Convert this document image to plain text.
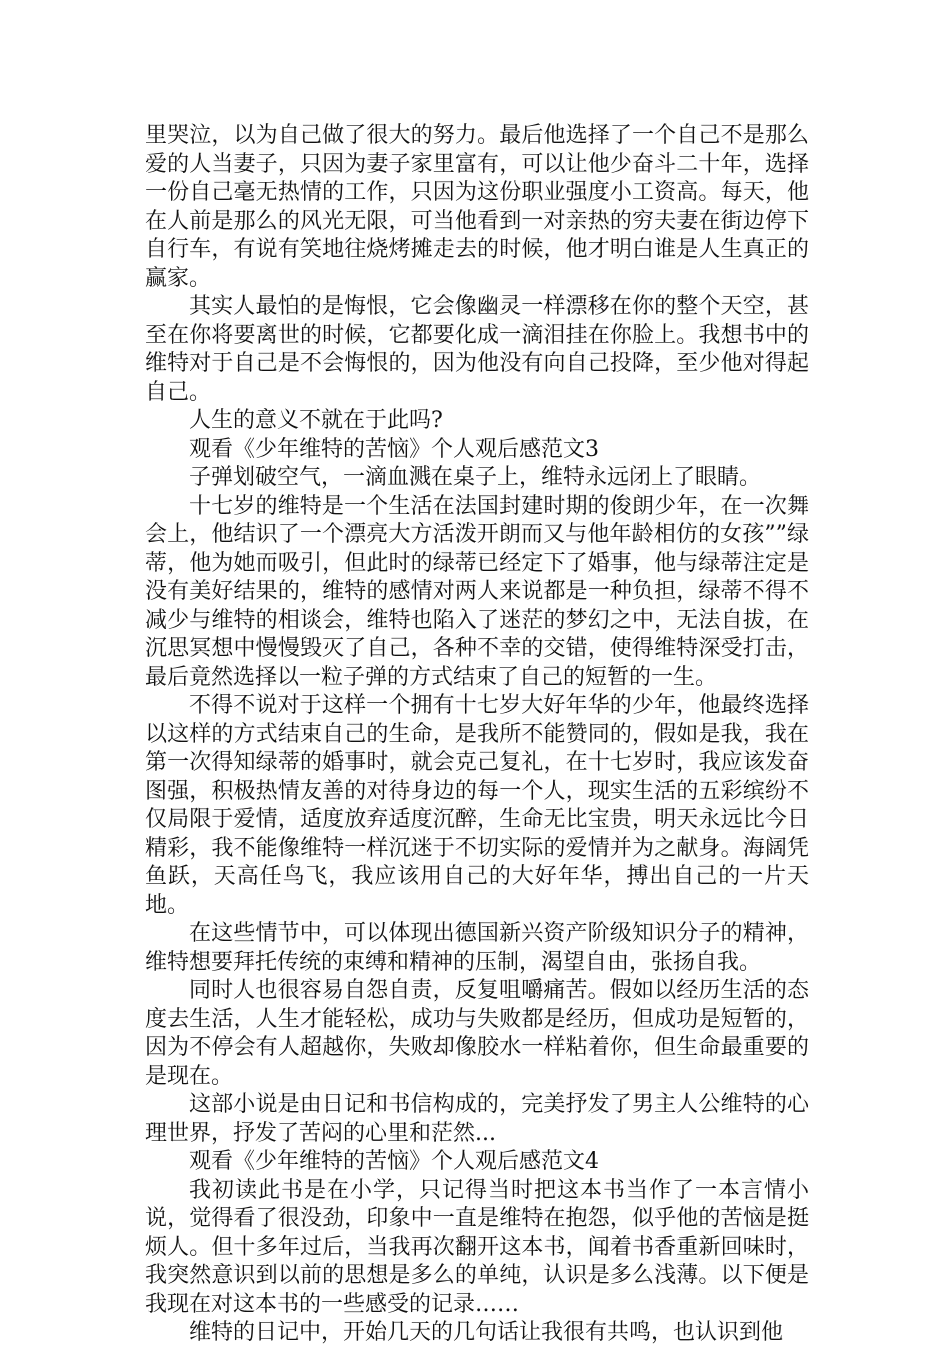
里哭泣，以为自己做了很大的努力。最后他选择了一个自己不是那么爱的人当妻子，只因为妻子家里富有，可以让他少奋斗二十年，选择一份自己毫无热情的工作，只因为这份职业强度小工资高。每天，他在人前是那么的风光无限，可当他看到一对亲热的穷夫妻在街边停下自行车，有说有笑地往烧烤摊走去的时候，他才明白谁是人生真正的赢家。

其实人最怕的是悔恨，它会像幽灵一样漂移在你的整个天空，甚至在你将要离世的时候，它都要化成一滴泪挂在你脸上。我想书中的维特对于自己是不会悔恨的，因为他没有向自己投降，至少他对得起自己。

人生的意义不就在于此吗?

观看《少年维特的苦恼》个人观后感范文3

子弹划破空气，一滴血溅在桌子上，维特永远闭上了眼睛。

十七岁的维特是一个生活在法国封建时期的俊朗少年，在一次舞会上，他结识了一个漂亮大方活泼开朗而又与他年龄相仿的女孩””绿蒂，他为她而吸引，但此时的绿蒂已经定下了婚事，他与绿蒂注定是没有美好结果的，维特的感情对两人来说都是一种负担，绿蒂不得不减少与维特的相谈会，维特也陷入了迷茫的梦幻之中，无法自拔，在沉思冥想中慢慢毁灭了自己，各种不幸的交错，使得维特深受打击，最后竟然选择以一粒子弹的方式结束了自己的短暂的一生。

不得不说对于这样一个拥有十七岁大好年华的少年，他最终选择以这样的方式结束自己的生命，是我所不能赞同的，假如是我，我在第一次得知绿蒂的婚事时，就会克己复礼，在十七岁时，我应该发奋图强，积极热情友善的对待身边的每一个人，现实生活的五彩缤纷不仅局限于爱情，适度放弃适度沉醉，生命无比宝贵，明天永远比今日精彩，我不能像维特一样沉迷于不切实际的爱情并为之献身。海阔凭鱼跃，天高任鸟飞，我应该用自己的大好年华，搏出自己的一片天地。

在这些情节中，可以体现出德国新兴资产阶级知识分子的精神，维特想要拜托传统的束缚和精神的压制，渴望自由，张扬自我。

同时人也很容易自怨自责，反复咀嚼痛苦。假如以经历生活的态度去生活，人生才能轻松，成功与失败都是经历，但成功是短暂的，因为不停会有人超越你，失败却像胶水一样粘着你，但生命最重要的是现在。

这部小说是由日记和书信构成的，完美抒发了男主人公维特的心理世界，抒发了苦闷的心里和茫然...

观看《少年维特的苦恼》个人观后感范文4

我初读此书是在小学，只记得当时把这本书当作了一本言情小说，觉得看了很没劲，印象中一直是维特在抱怨，似乎他的苦恼是挺烦人。但十多年过后，当我再次翻开这本书，闻着书香重新回味时，我突然意识到以前的思想是多么的单纯，认识是多么浅薄。以下便是我现在对这本书的一些感受的记录……

维特的日记中，开始几天的几句话让我很有共鸣，也认识到他
